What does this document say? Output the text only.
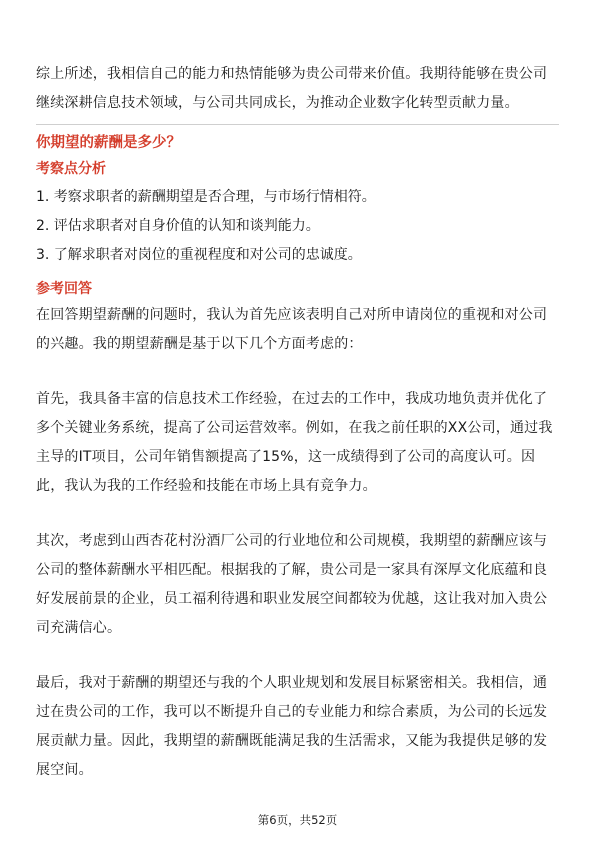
综上所述，我相信自己的能力和热情能够为贵公司带来价值。我期待能够在贵公司继续深耕信息技术领域，与公司共同成长，为推动企业数字化转型贡献力量。

你期望的薪酬是多少？

考察点分析

1. 考察求职者的薪酬期望是否合理，与市场行情相符。

2. 评估求职者对自身价值的认知和谈判能力。

3. 了解求职者对岗位的重视程度和对公司的忠诚度。

参考回答

在回答期望薪酬的问题时，我认为首先应该表明自己对所申请岗位的重视和对公司的兴趣。我的期望薪酬是基于以下几个方面考虑的：

首先，我具备丰富的信息技术工作经验，在过去的工作中，我成功地负责并优化了多个关键业务系统，提高了公司运营效率。例如，在我之前任职的XX公司，通过我主导的IT项目，公司年销售额提高了15%，这一成绩得到了公司的高度认可。因此，我认为我的工作经验和技能在市场上具有竞争力。

其次，考虑到山西杏花村汾酒厂公司的行业地位和公司规模，我期望的薪酬应该与公司的整体薪酬水平相匹配。根据我的了解，贵公司是一家具有深厚文化底蕴和良好发展前景的企业，员工福利待遇和职业发展空间都较为优越，这让我对加入贵公司充满信心。

最后，我对于薪酬的期望还与我的个人职业规划和发展目标紧密相关。我相信，通过在贵公司的工作，我可以不断提升自己的专业能力和综合素质，为公司的长远发展贡献力量。因此，我期望的薪酬既能满足我的生活需求，又能为我提供足够的发展空间。

第6页，共52页
